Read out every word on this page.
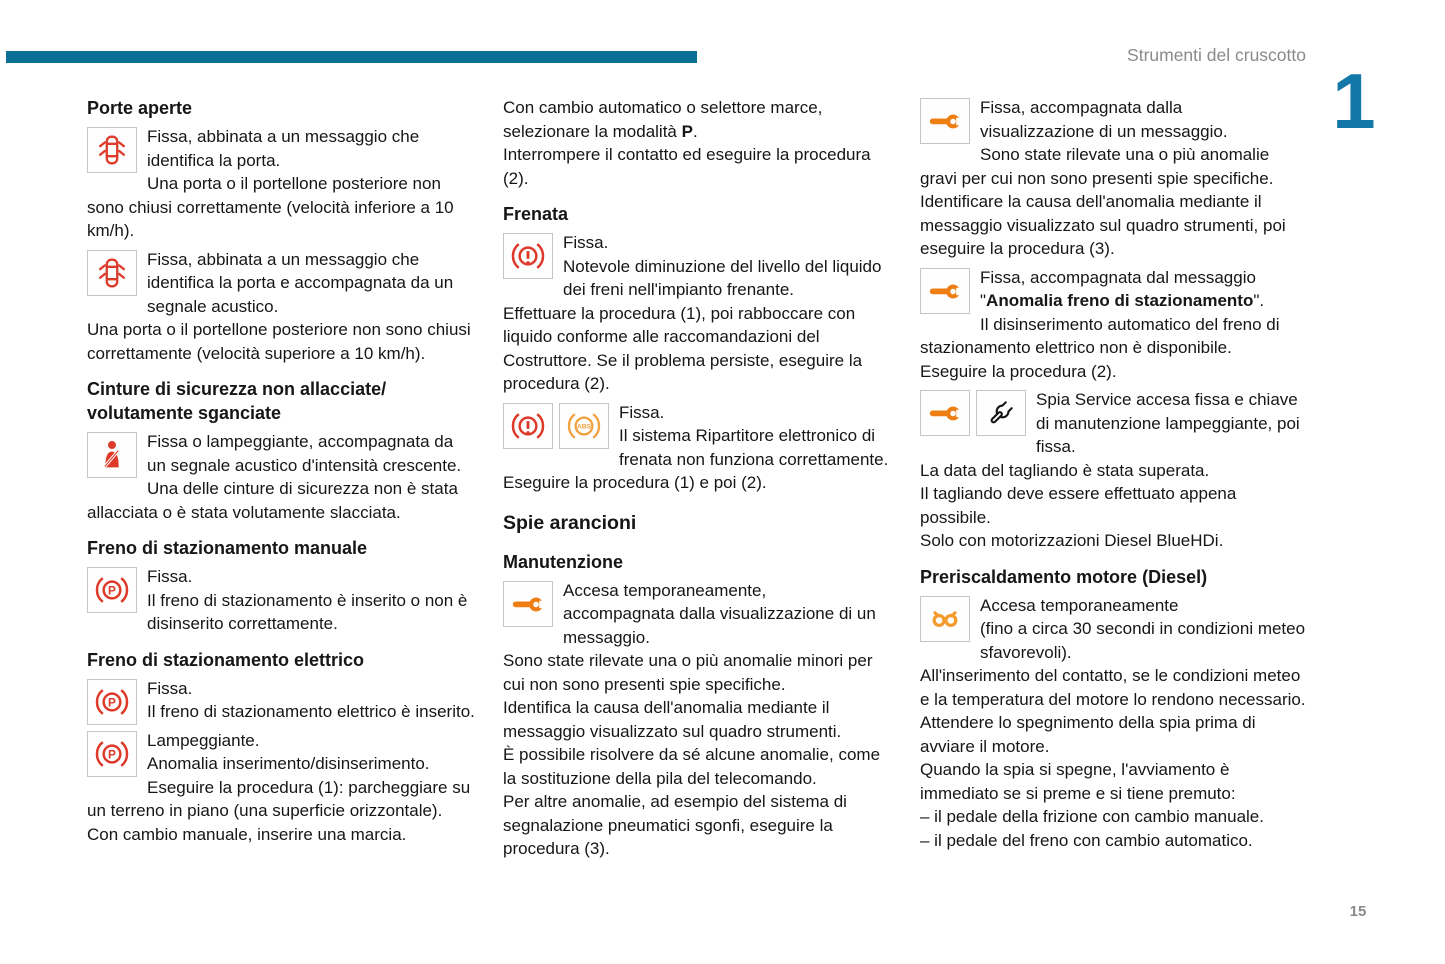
Strumenti del cruscotto
1
Porte aperte
Fissa, abbinata a un messaggio che identifica la porta.
Una porta o il portellone posteriore non sono chiusi correttamente (velocità inferiore a 10 km/h).
Fissa, abbinata a un messaggio che identifica la porta e accompagnata da un segnale acustico.
Una porta o il portellone posteriore non sono chiusi correttamente (velocità superiore a 10 km/h).
Cinture di sicurezza non allacciate/ volutamente sganciate
Fissa o lampeggiante, accompagnata da un segnale acustico d'intensità crescente.
Una delle cinture di sicurezza non è stata allacciata o è stata volutamente slacciata.
Freno di stazionamento manuale
Fissa.
Il freno di stazionamento è inserito o non è disinserito correttamente.
Freno di stazionamento elettrico
Fissa.
Il freno di stazionamento elettrico è inserito.
Lampeggiante.
Anomalia inserimento/disinserimento.
Eseguire la procedura (1): parcheggiare su un terreno in piano (una superficie orizzontale).
Con cambio manuale, inserire una marcia.
Con cambio automatico o selettore marce, selezionare la modalità P.
Interrompere il contatto ed eseguire la procedura (2).
Frenata
Fissa.
Notevole diminuzione del livello del liquido dei freni nell'impianto frenante.
Effettuare la procedura (1), poi rabboccare con liquido conforme alle raccomandazioni del Costruttore. Se il problema persiste, eseguire la procedura (2).
Fissa.
Il sistema Ripartitore elettronico di frenata non funziona correttamente.
Eseguire la procedura (1) e poi (2).
Spie arancioni
Manutenzione
Accesa temporaneamente,
accompagnata dalla visualizzazione di un messaggio.
Sono state rilevate una o più anomalie minori per cui non sono presenti spie specifiche.
Identifica la causa dell'anomalia mediante il messaggio visualizzato sul quadro strumenti.
È possibile risolvere da sé alcune anomalie, come la sostituzione della pila del telecomando.
Per altre anomalie, ad esempio del sistema di segnalazione pneumatici sgonfi, eseguire la procedura (3).
Fissa, accompagnata dalla
visualizzazione di un messaggio.
Sono state rilevate una o più anomalie gravi per cui non sono presenti spie specifiche.
Identificare la causa dell'anomalia mediante il messaggio visualizzato sul quadro strumenti, poi eseguire la procedura (3).
Fissa, accompagnata dal messaggio
"Anomalia freno di stazionamento".
Il disinserimento automatico del freno di stazionamento elettrico non è disponibile.
Eseguire la procedura (2).
Spia Service accesa fissa e chiave di manutenzione lampeggiante, poi fissa.
La data del tagliando è stata superata.
Il tagliando deve essere effettuato appena possibile.
Solo con motorizzazioni Diesel BlueHDi.
Preriscaldamento motore (Diesel)
Accesa temporaneamente
(fino a circa 30 secondi in condizioni meteo sfavorevoli).
All'inserimento del contatto, se le condizioni meteo e la temperatura del motore lo rendono necessario.
Attendere lo spegnimento della spia prima di avviare il motore.
Quando la spia si spegne, l'avviamento è immediato se si preme e si tiene premuto:
– il pedale della frizione con cambio manuale.
– il pedale del freno con cambio automatico.
15
